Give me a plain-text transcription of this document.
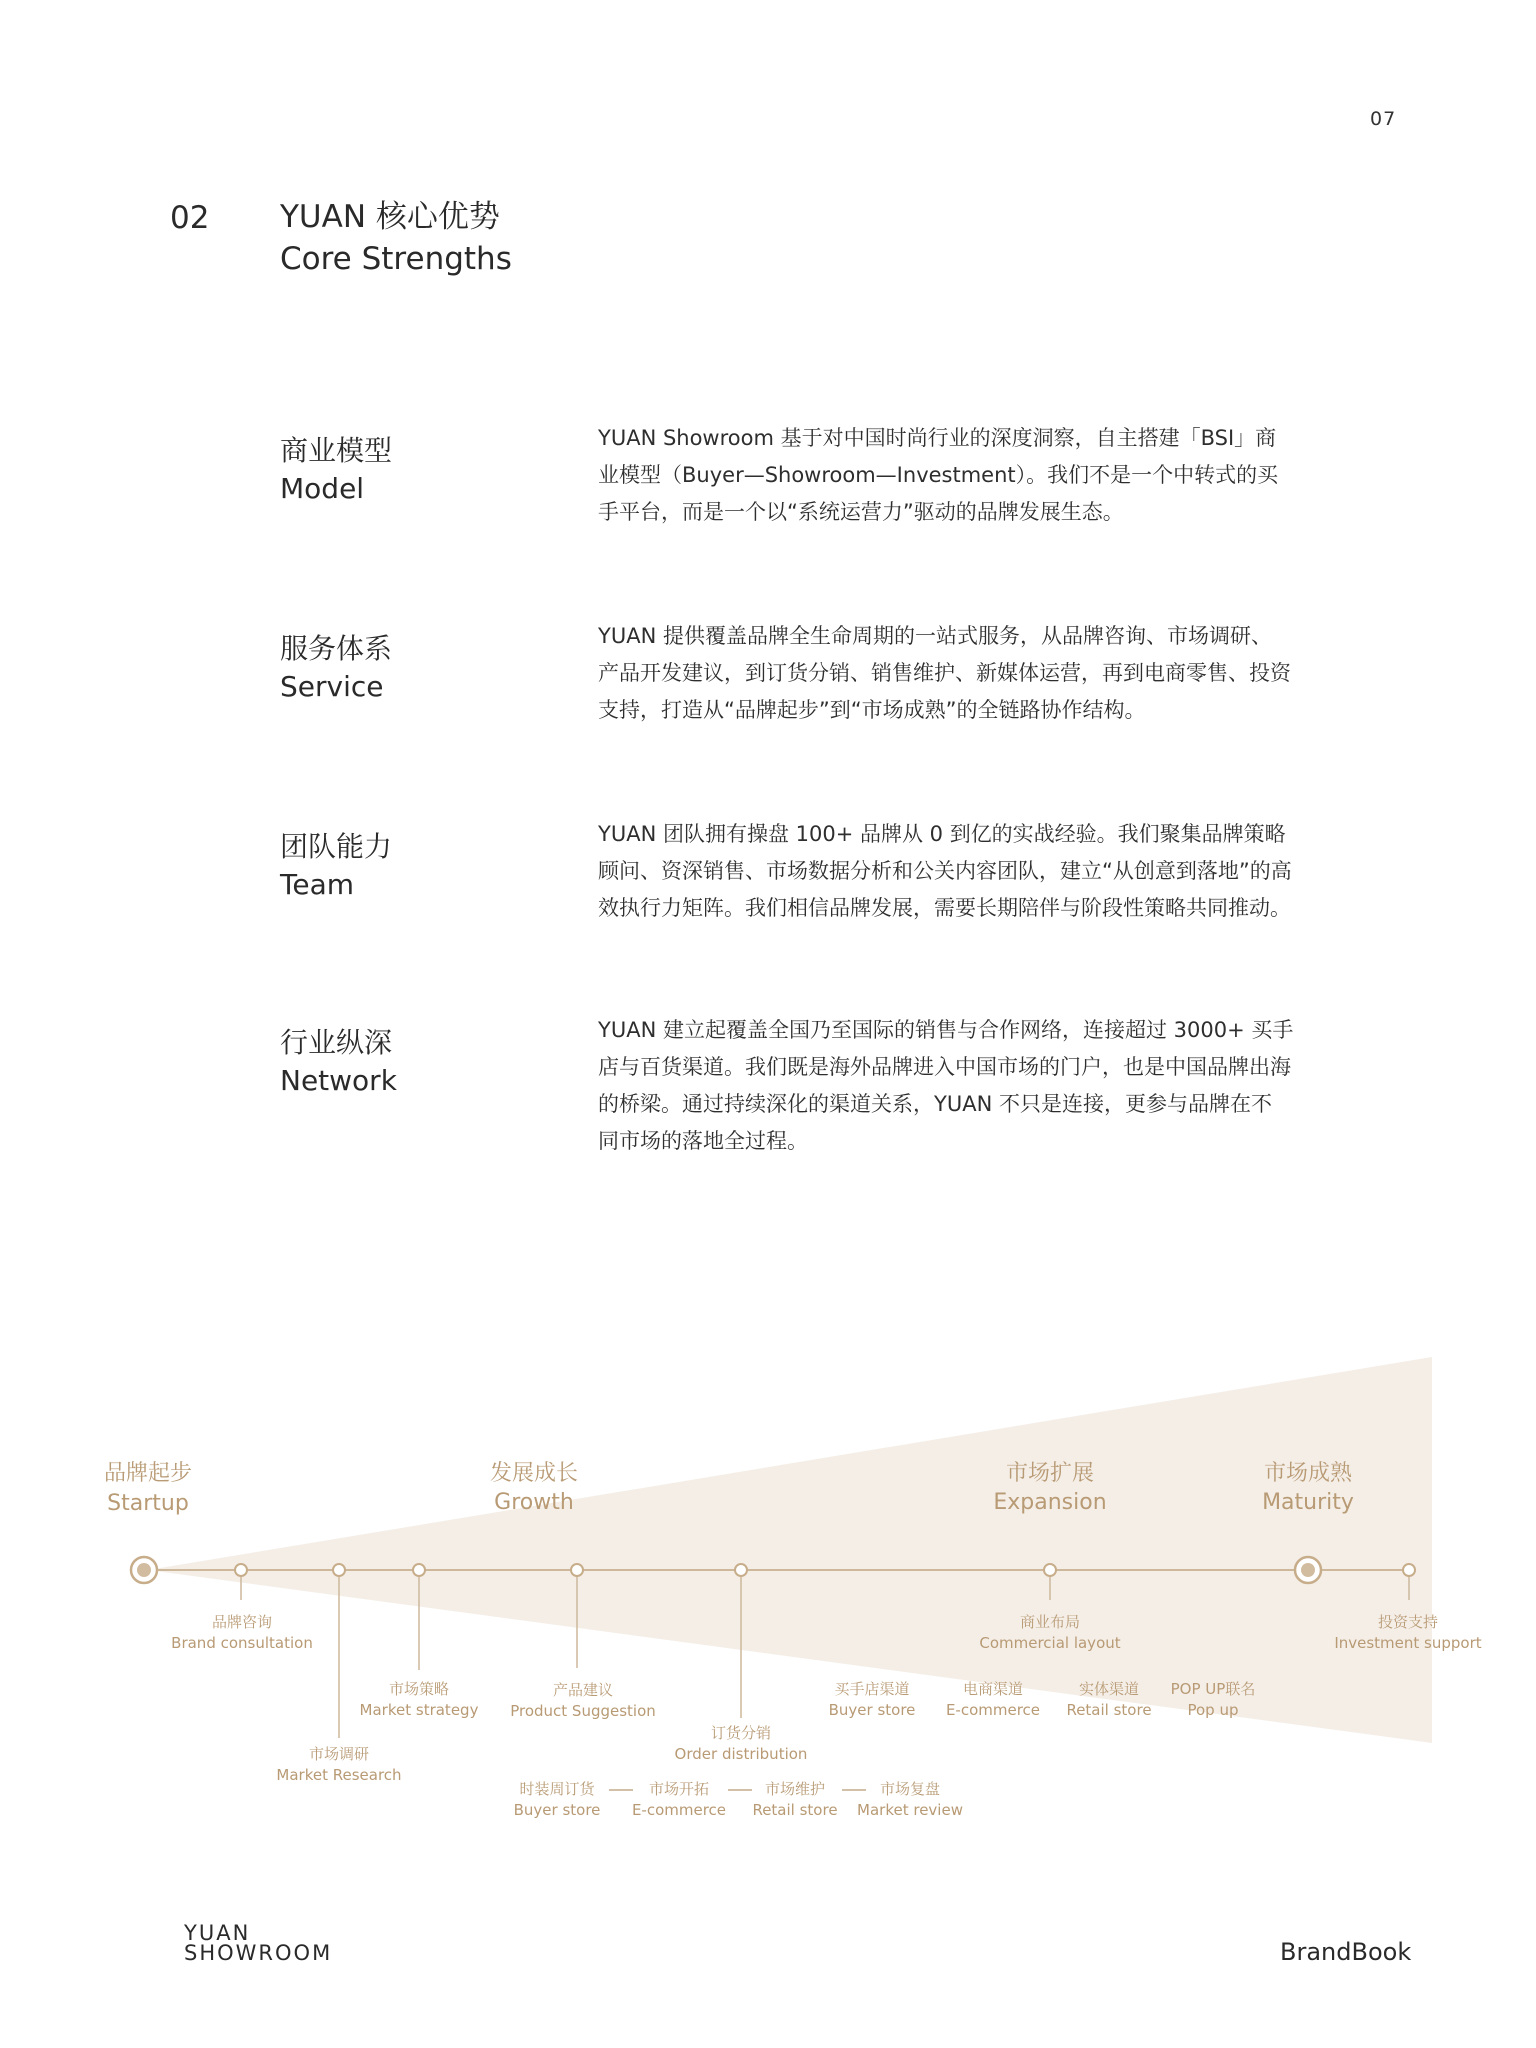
07
02 YUAN 核心优势
Core Strengths
商业模型
Model
YUAN Showroom 基于对中国时尚行业的深度洞察，自主搭建「BSI」商
业模型（Buyer—Showroom—Investment）。我们不是一个中转式的买
手平台，而是一个以“系统运营力”驱动的品牌发展生态。
服务体系
Service
YUAN 提供覆盖品牌全生命周期的一站式服务，从品牌咨询、市场调研、
产品开发建议，到订货分销、销售维护、新媒体运营，再到电商零售、投资
支持，打造从“品牌起步”到“市场成熟”的全链路协作结构。
团队能力
Team
YUAN 团队拥有操盘 100+ 品牌从 0 到亿的实战经验。我们聚集品牌策略
顾问、资深销售、市场数据分析和公关内容团队，建立“从创意到落地”的高
效执行力矩阵。我们相信品牌发展，需要长期陪伴与阶段性策略共同推动。
行业纵深
Network
YUAN 建立起覆盖全国乃至国际的销售与合作网络，连接超过 3000+ 买手
店与百货渠道。我们既是海外品牌进入中国市场的门户，也是中国品牌出海
的桥梁。通过持续深化的渠道关系，YUAN 不只是连接，更参与品牌在不
同市场的落地全过程。
品牌起步
Startup
发展成长
Growth
市场扩展
Expansion
市场成熟
Maturity
品牌咨询
Brand consultation
市场调研
Market Research
市场策略
Market strategy
产品建议
Product Suggestion
订货分销
Order distribution
商业布局
Commercial layout
投资支持
Investment support
买手店渠道
Buyer store
电商渠道
E-commerce
实体渠道
Retail store
POP UP联名
Pop up
时装周订货
Buyer store
市场开拓
E-commerce
市场维护
Retail store
市场复盘
Market review
YUAN
SHOWROOM	BrandBook
